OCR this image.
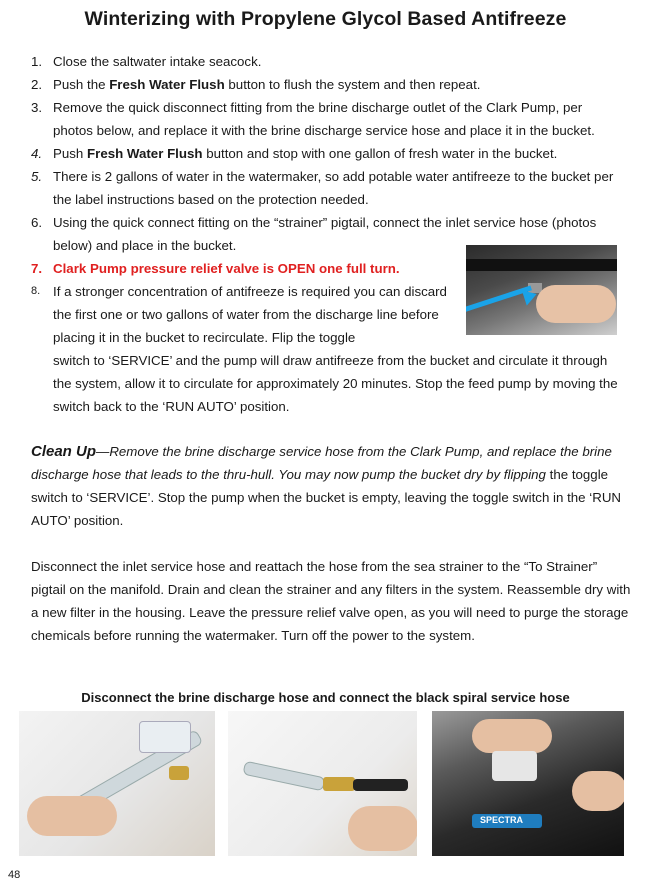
Winterizing with Propylene Glycol Based Antifreeze
1. Close the saltwater intake seacock.
2. Push the Fresh Water Flush button to flush the system and then repeat.
3. Remove the quick disconnect fitting from the brine discharge outlet of the Clark Pump, per photos below, and replace it with the brine discharge service hose and place it in the bucket.
4. Push Fresh Water Flush button and stop with one gallon of fresh water in the bucket.
5. There is 2 gallons of water in the watermaker, so add potable water antifreeze to the bucket per the label instructions based on the protection needed.
6. Using the quick connect fitting on the “strainer” pigtail, connect the inlet service hose (photos below) and place in the bucket.
7. Clark Pump pressure relief valve is OPEN one full turn.
8. If a stronger concentration of antifreeze is required you can discard the first one or two gallons of water from the discharge line before placing it in the bucket to recirculate. Flip the toggle
switch to ‘SERVICE’ and the pump will draw antifreeze from the bucket and circulate it through the system, allow it to circulate for approximately 20 minutes. Stop the feed pump by moving the switch back to the ‘RUN AUTO’ position.

Clean Up—Remove the brine discharge service hose from the Clark Pump, and replace the brine discharge hose that leads to the thru-hull. You may now pump the bucket dry by flipping the toggle switch to ‘SERVICE’. Stop the pump when the bucket is empty, leaving the toggle switch in the ‘RUN AUTO’ position.

Disconnect the inlet service hose and reattach the hose from the sea strainer to the “To Strainer” pigtail on the manifold. Drain and clean the strainer and any filters in the system. Reassemble dry with a new filter in the housing. Leave the pressure relief valve open, as you will need to purge the storage chemicals before running the watermaker. Turn off the power to the system.

Disconnect the brine discharge hose and connect the black spiral service hose
SPECTRA
48
